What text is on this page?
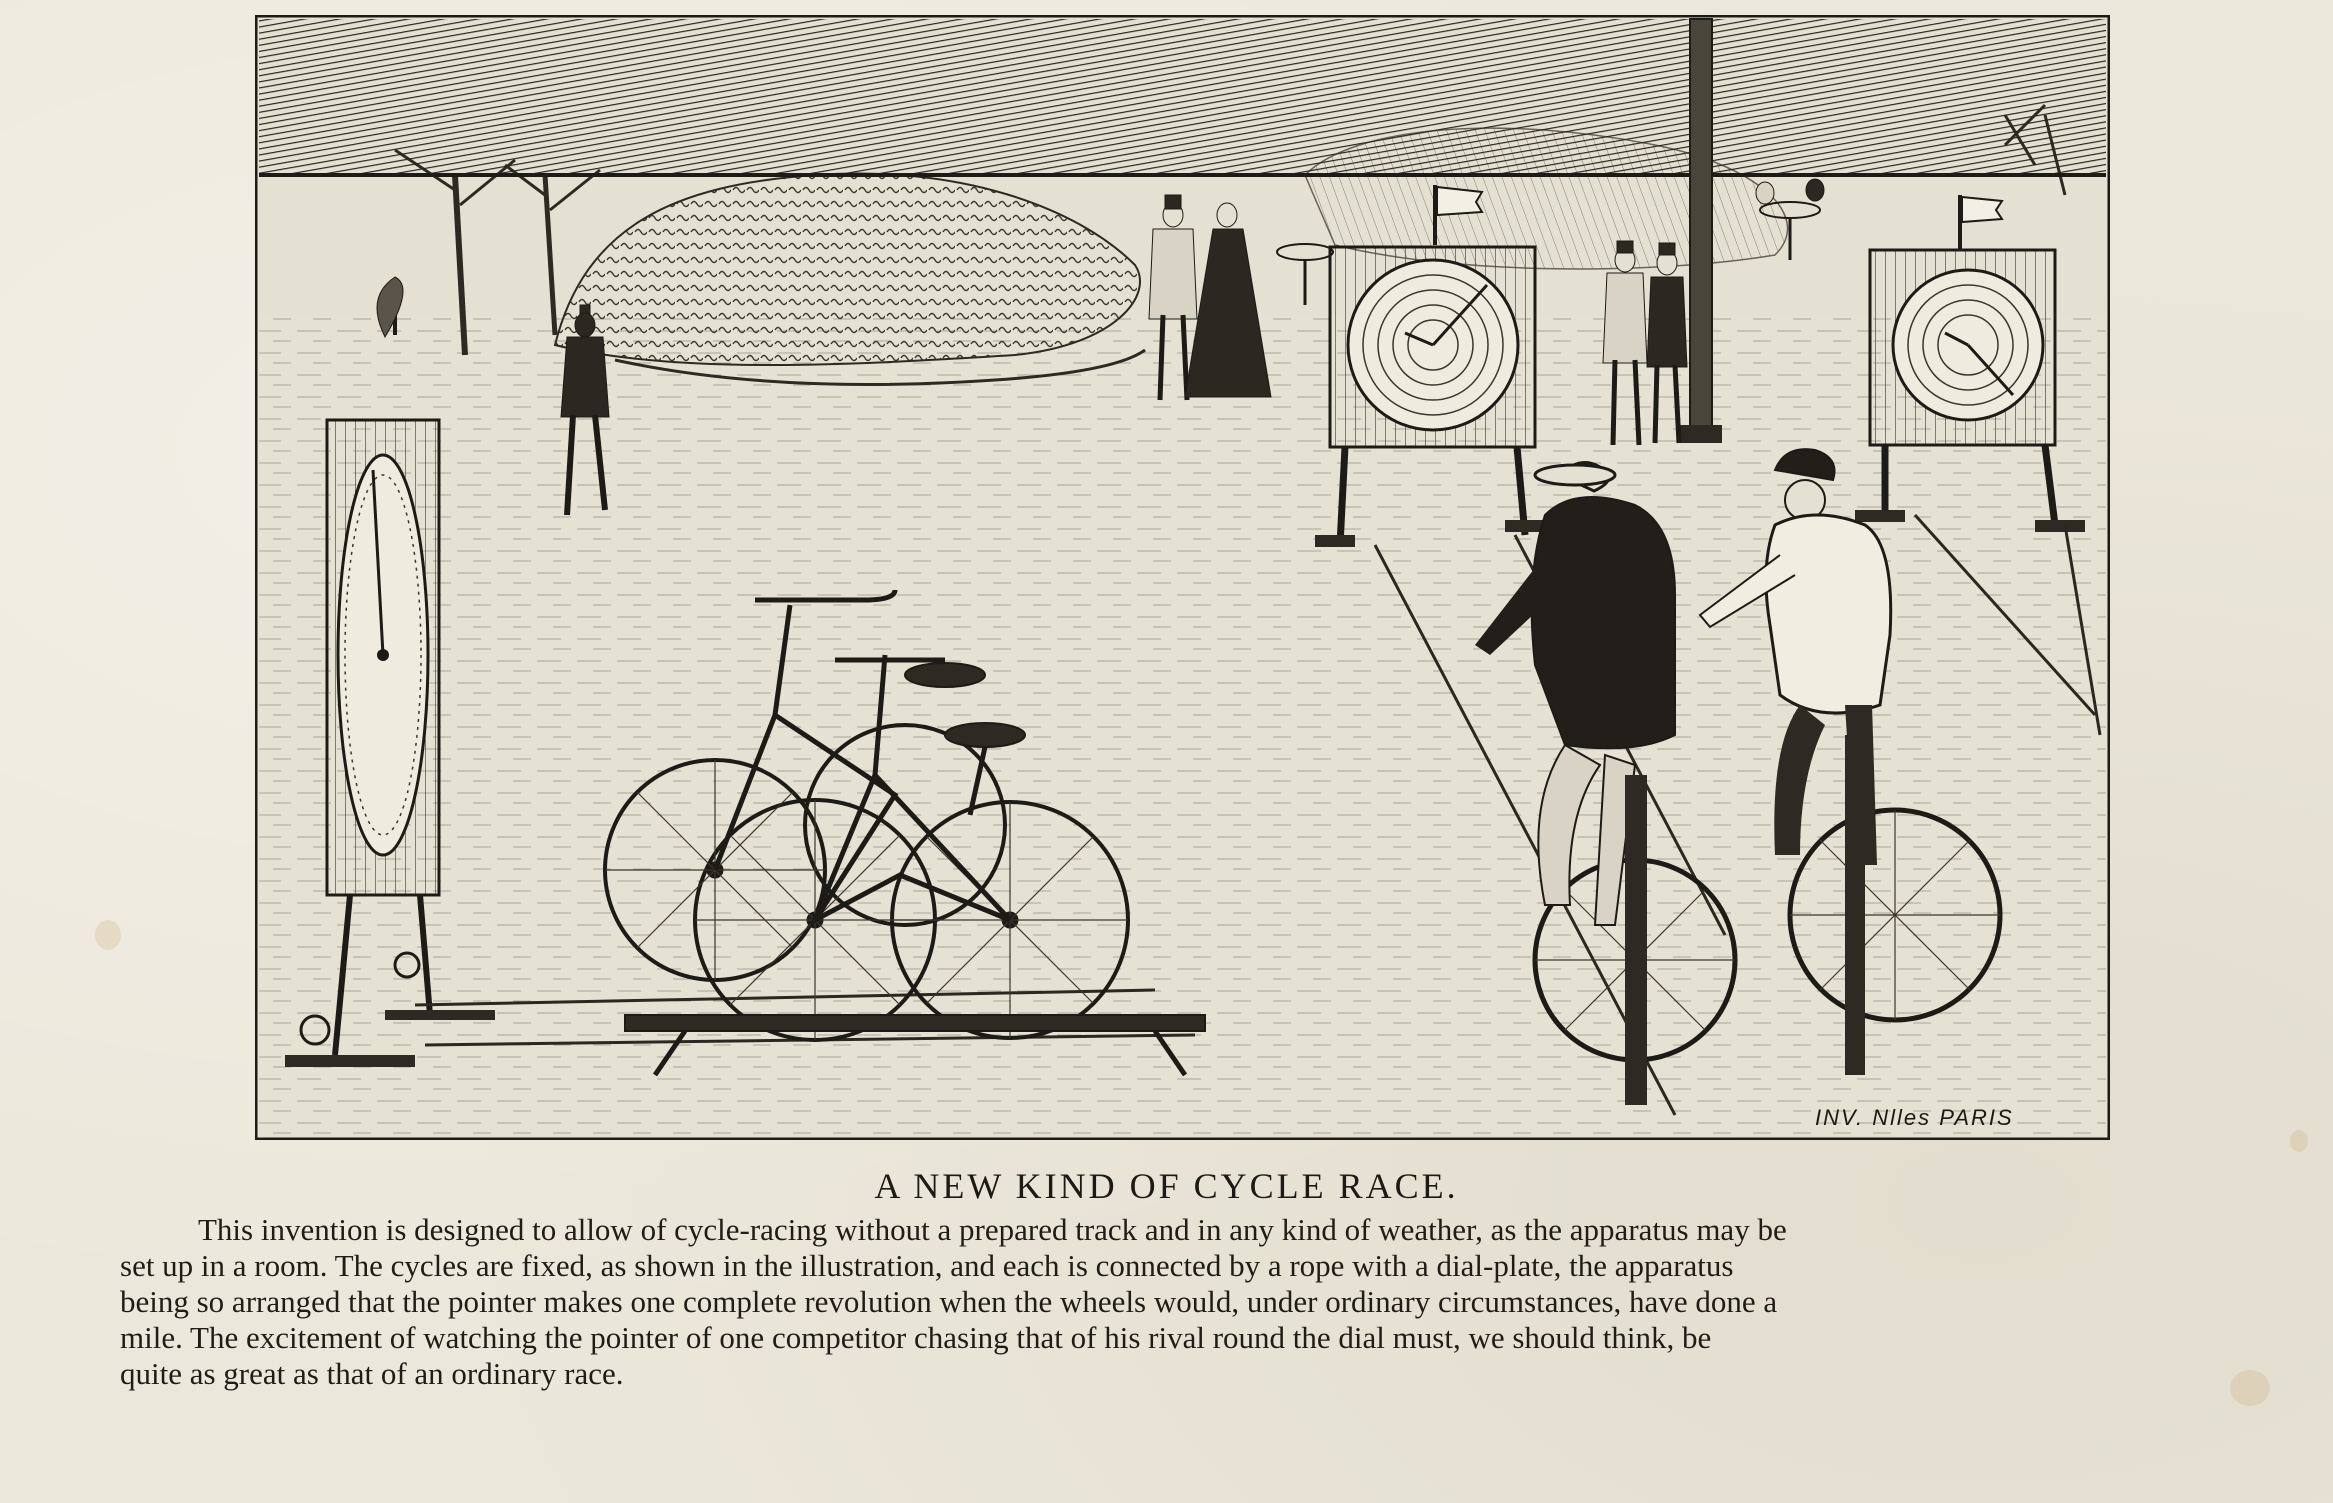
INV. Nlles PARIS
A NEW KIND OF CYCLE RACE.
This invention is designed to allow of cycle-racing without a prepared track and in any kind of weather, as the apparatus may be
set up in a room. The cycles are fixed, as shown in the illustration, and each is connected by a rope with a dial-plate, the apparatus
being so arranged that the pointer makes one complete revolution when the wheels would, under ordinary circumstances, have done a
mile. The excitement of watching the pointer of one competitor chasing that of his rival round the dial must, we should think, be
quite as great as that of an ordinary race.
